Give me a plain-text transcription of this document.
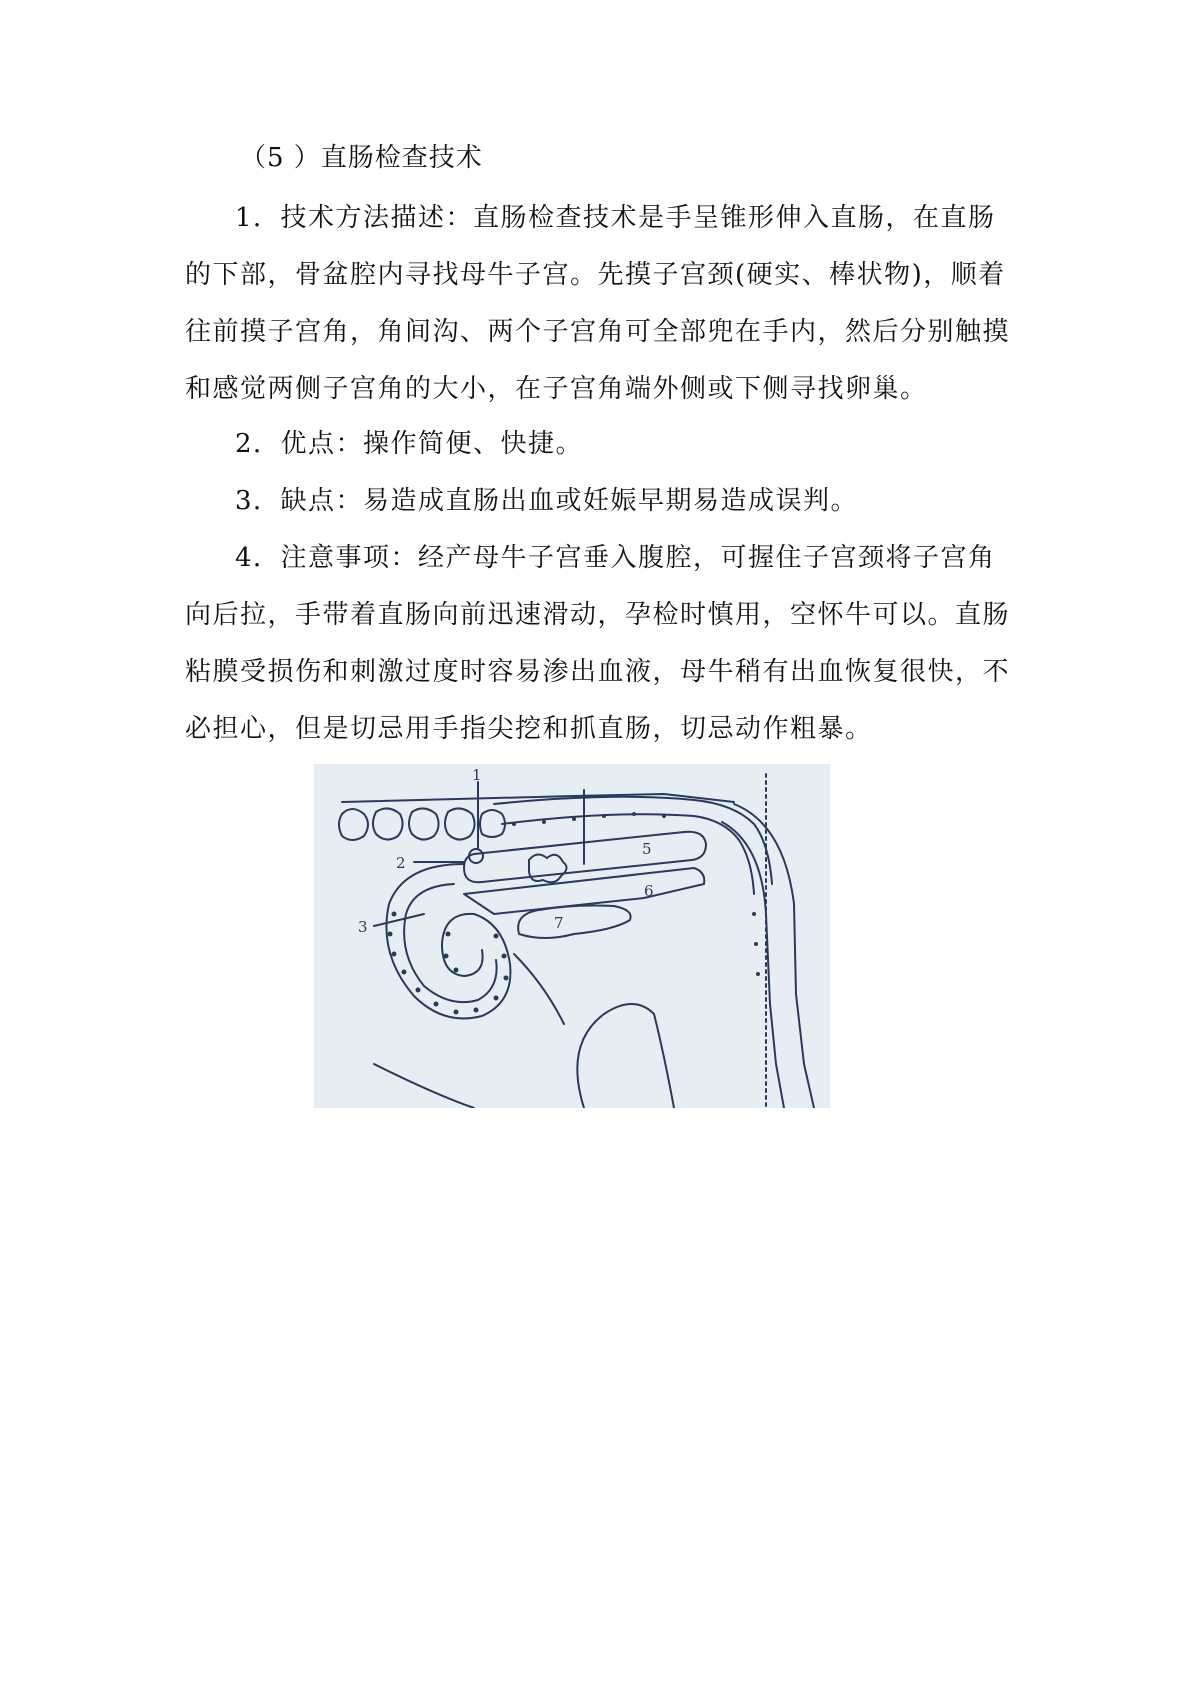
（5 ）直肠检查技术
1．技术方法描述：直肠检查技术是手呈锥形伸入直肠，在直肠
的下部，骨盆腔内寻找母牛子宫。先摸子宫颈(硬实、棒状物)，顺着
往前摸子宫角，角间沟、两个子宫角可全部兜在手内，然后分别触摸
和感觉两侧子宫角的大小，在子宫角端外侧或下侧寻找卵巢。
2．优点：操作简便、快捷。
3．缺点：易造成直肠出血或妊娠早期易造成误判。
4．注意事项：经产母牛子宫垂入腹腔，可握住子宫颈将子宫角
向后拉，手带着直肠向前迅速滑动，孕检时慎用，空怀牛可以。直肠
粘膜受损伤和刺激过度时容易渗出血液，母牛稍有出血恢复很快，不
必担心，但是切忌用手指尖挖和抓直肠，切忌动作粗暴。
1
2
3
5
6
7
